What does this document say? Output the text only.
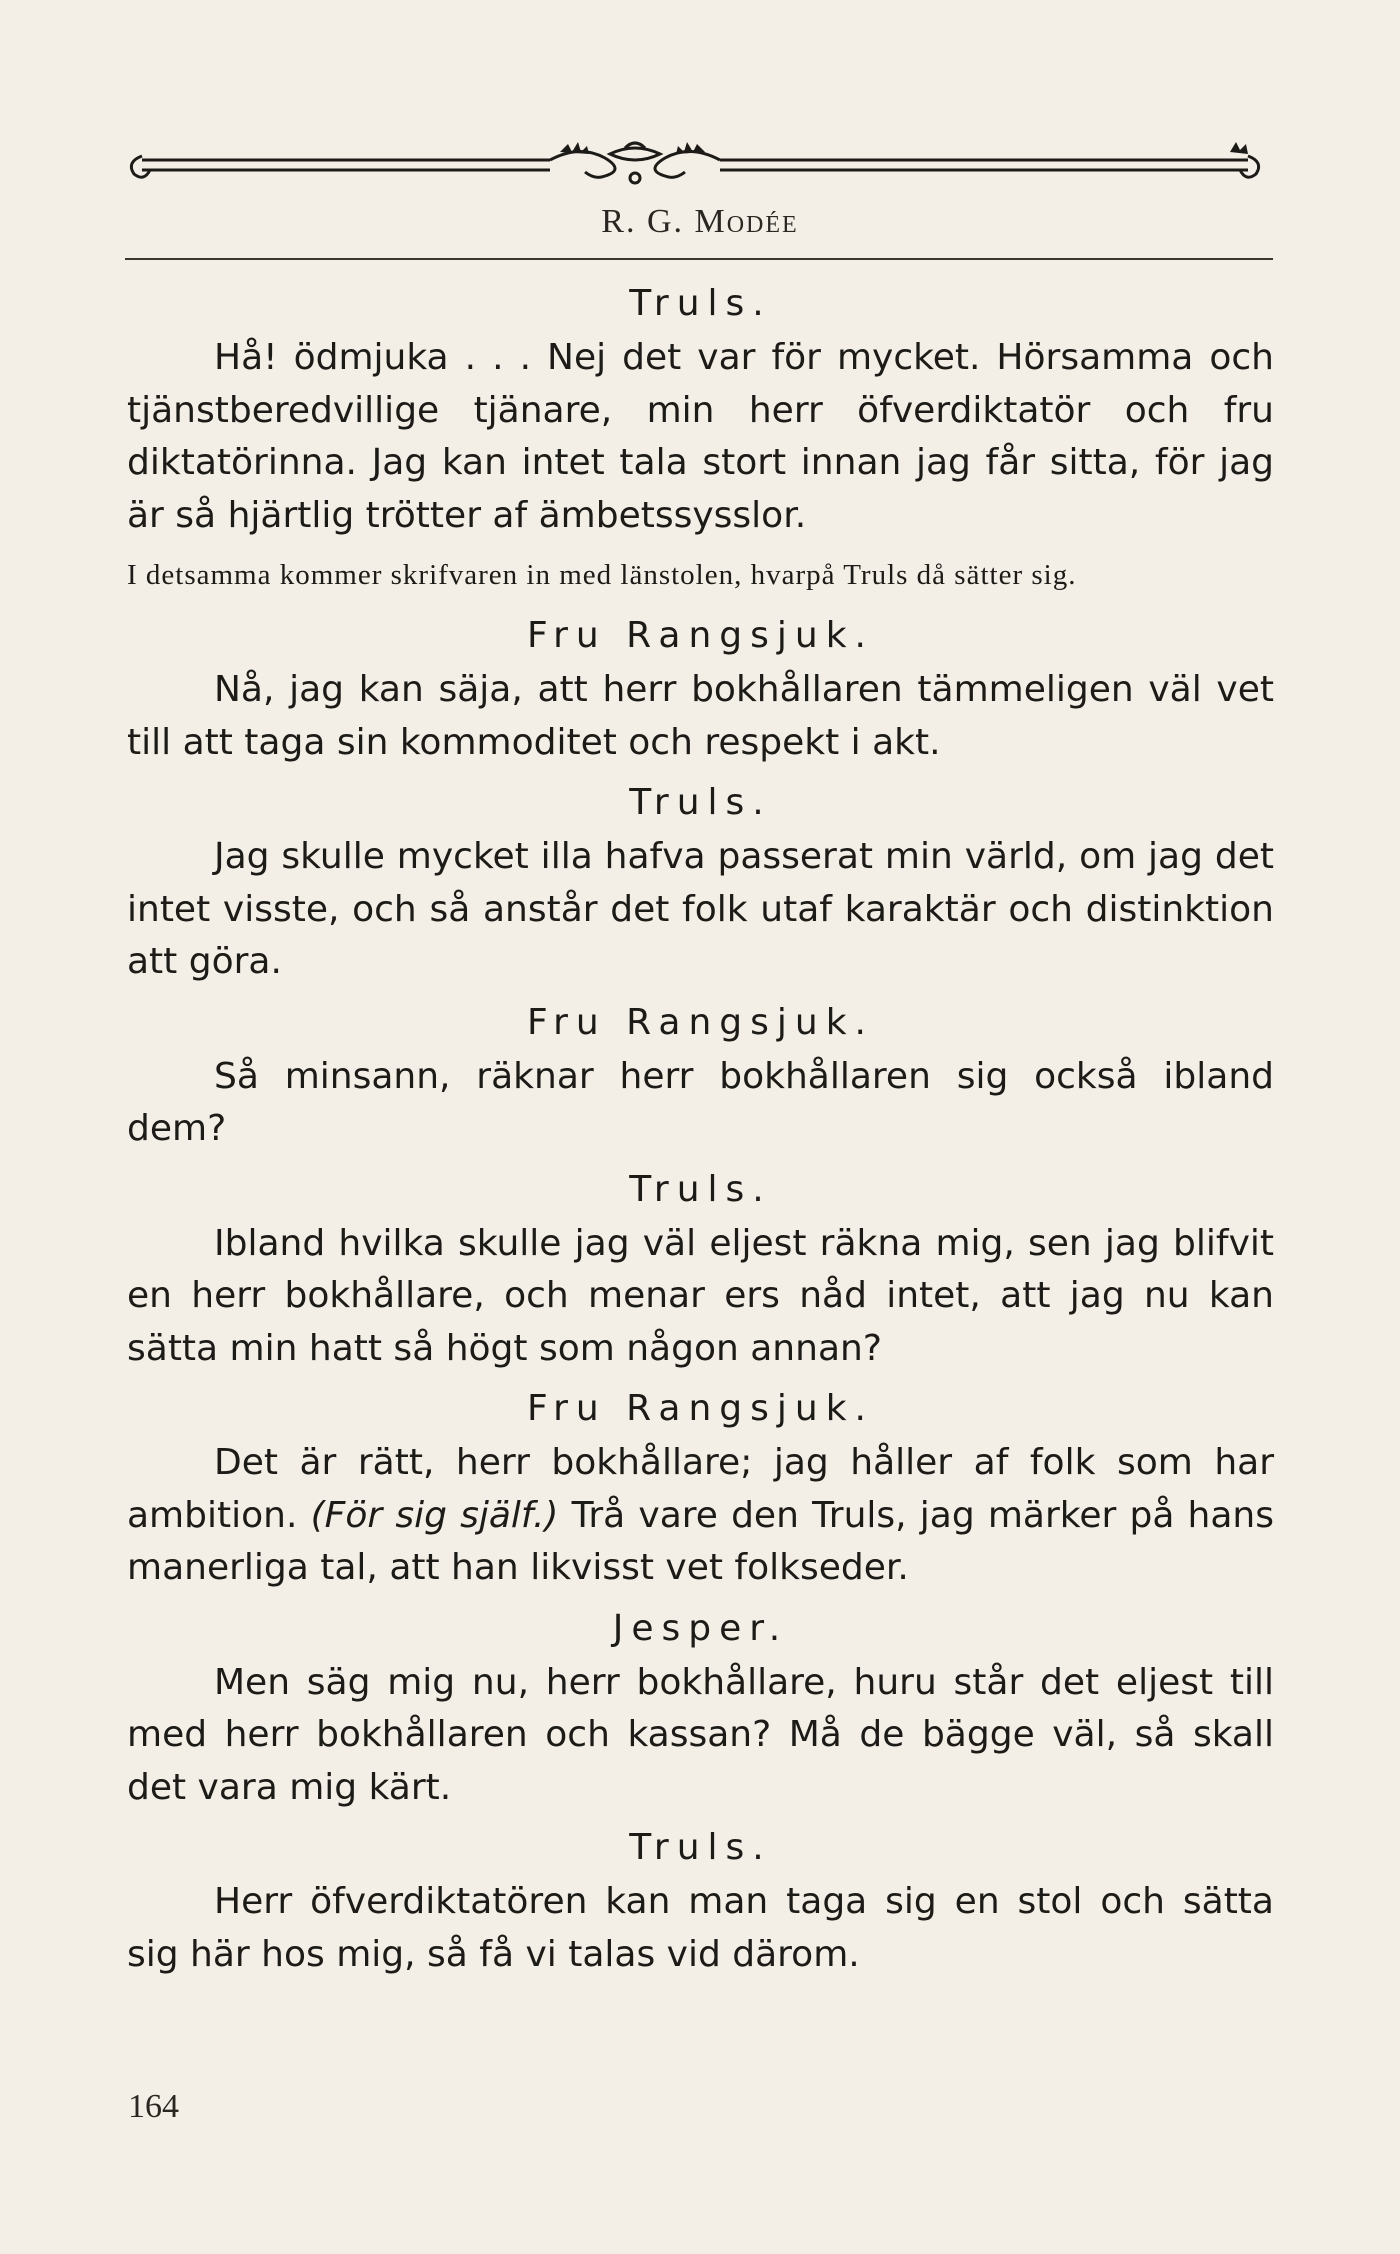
R. G. Modée
Truls.

Hå! ödmjuka . . . Nej det var för mycket. Hörsamma och tjänstberedvillige tjänare, min herr öfverdiktatör och fru diktatörinna. Jag kan intet tala stort innan jag får sitta, för jag är så hjärtlig trötter af ämbetssysslor.

I detsamma kommer skrifvaren in med länstolen, hvarpå Truls då sätter sig.
Fru Rangsjuk.

Nå, jag kan säja, att herr bokhållaren tämmeligen väl vet till att taga sin kommoditet och respekt i akt.

Truls.

Jag skulle mycket illa hafva passerat min värld, om jag det intet visste, och så anstår det folk utaf karaktär och distinktion att göra.

Fru Rangsjuk.

Så minsann, räknar herr bokhållaren sig också ibland dem?

Truls.

Ibland hvilka skulle jag väl eljest räkna mig, sen jag blifvit en herr bokhållare, och menar ers nåd intet, att jag nu kan sätta min hatt så högt som någon annan?

Fru Rangsjuk.

Det är rätt, herr bokhållare; jag håller af folk som har ambition. (För sig själf.) Trå vare den Truls, jag märker på hans manerliga tal, att han likvisst vet folkseder.

Jesper.

Men säg mig nu, herr bokhållare, huru står det eljest till med herr bokhållaren och kassan? Må de bägge väl, så skall det vara mig kärt.

Truls.

Herr öfverdiktatören kan man taga sig en stol och sätta sig här hos mig, så få vi talas vid därom.

164
